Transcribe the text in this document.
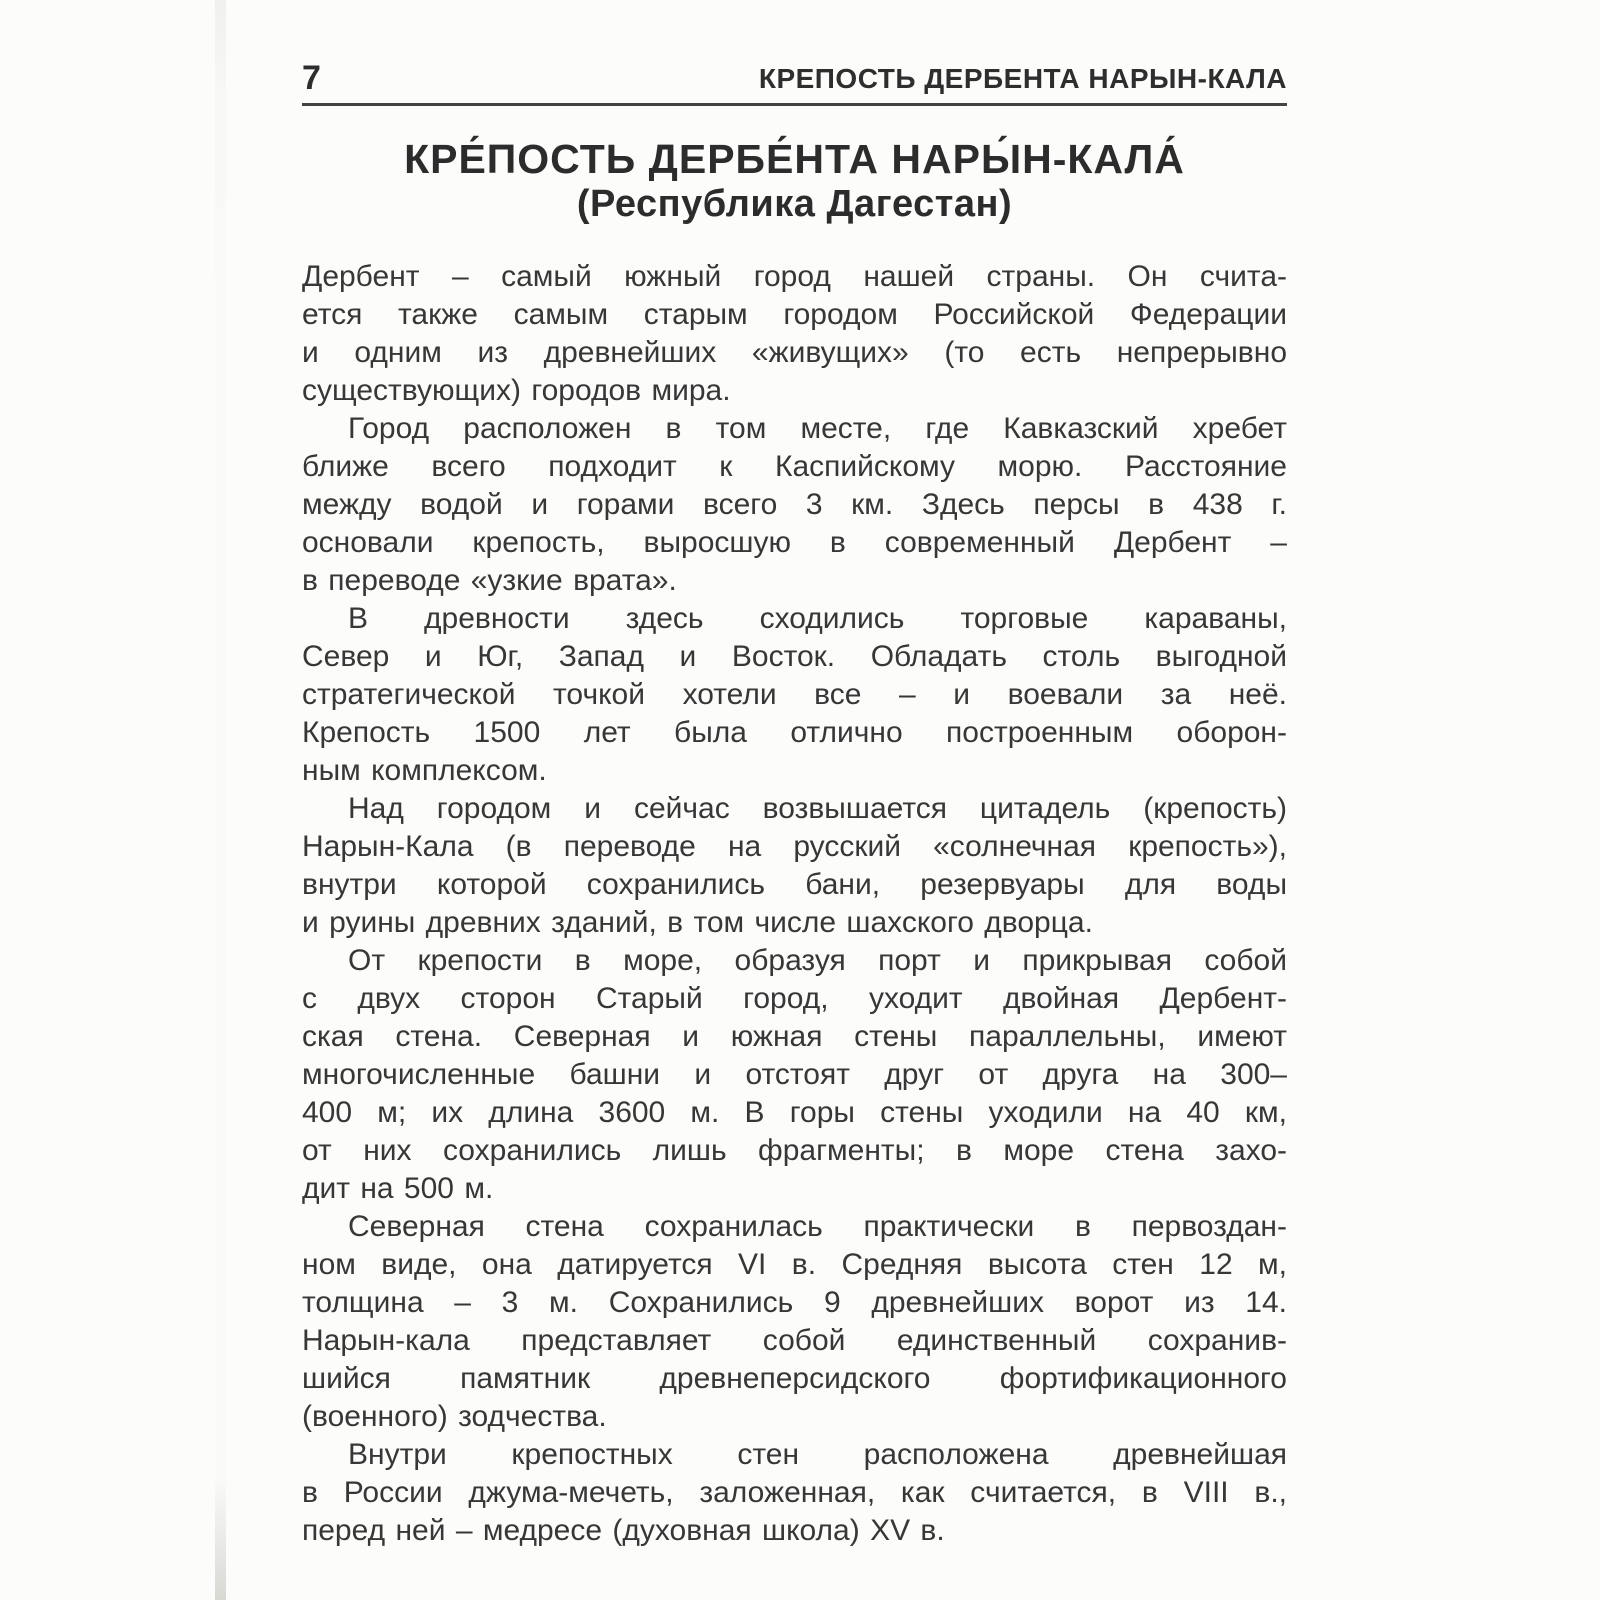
7	КРЕПОСТЬ ДЕРБЕНТА НАРЫН-КАЛА
КРЕ́ПОСТЬ ДЕРБЕ́НТА НАРЫ́Н-КАЛА́
(Республика Дагестан)
Дербент – самый южный город нашей страны. Он счита-
ется также самым старым городом Российской Федерации
и одним из древнейших «живущих» (то есть непрерывно
существующих) городов мира.
Город расположен в том месте, где Кавказский хребет
ближе всего подходит к Каспийскому морю. Расстояние
между водой и горами всего 3 км. Здесь персы в 438 г.
основали крепость, выросшую в современный Дербент –
в переводе «узкие врата».
В древности здесь сходились торговые караваны,
Север и Юг, Запад и Восток. Обладать столь выгодной
стратегической точкой хотели все – и воевали за неё.
Крепость 1500 лет была отлично построенным оборон-
ным комплексом.
Над городом и сейчас возвышается цитадель (крепость)
Нарын-Кала (в переводе на русский «солнечная крепость»),
внутри которой сохранились бани, резервуары для воды
и руины древних зданий, в том числе шахского дворца.
От крепости в море, образуя порт и прикрывая собой
с двух сторон Старый город, уходит двойная Дербент-
ская стена. Северная и южная стены параллельны, имеют
многочисленные башни и отстоят друг от друга на 300–
400 м; их длина 3600 м. В горы стены уходили на 40 км,
от них сохранились лишь фрагменты; в море стена захо-
дит на 500 м.
Северная стена сохранилась практически в первоздан-
ном виде, она датируется VI в. Средняя высота стен 12 м,
толщина – 3 м. Сохранились 9 древнейших ворот из 14.
Нарын-кала представляет собой единственный сохранив-
шийся памятник древнеперсидского фортификационного
(военного) зодчества.
Внутри крепостных стен расположена древнейшая
в России джума-мечеть, заложенная, как считается, в VIII в.,
перед ней – медресе (духовная школа) XV в.
